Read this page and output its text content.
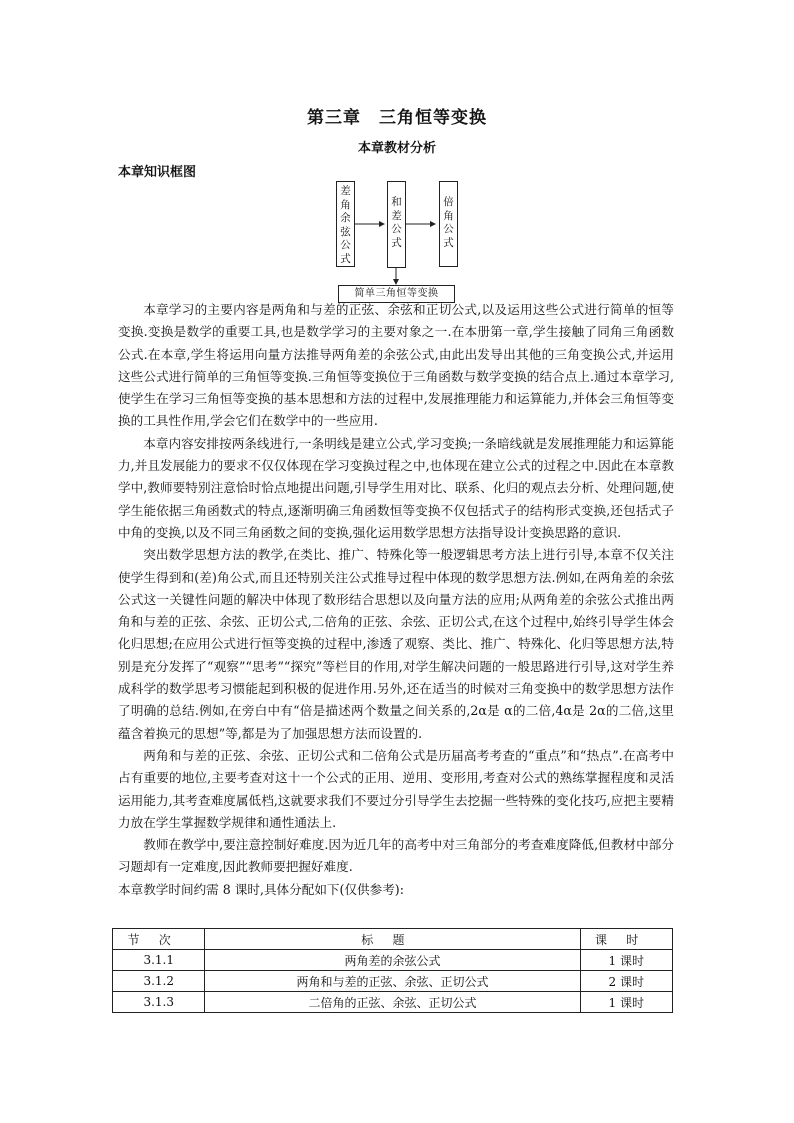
第三章　三角恒等变换
本章教材分析
本章知识框图
差
角
余
弦
公
式
和
差
公
式
倍
角
公
式
简单三角恒等变换

本章学习的主要内容是两角和与差的正弦、余弦和正切公式,以及运用这些公式进行简单的恒等变换.变换是数学的重要工具,也是数学学习的主要对象之一.在本册第一章,学生接触了同角三角函数公式.在本章,学生将运用向量方法推导两角差的余弦公式,由此出发导出其他的三角变换公式,并运用这些公式进行简单的三角恒等变换.三角恒等变换位于三角函数与数学变换的结合点上.通过本章学习,使学生在学习三角恒等变换的基本思想和方法的过程中,发展推理能力和运算能力,并体会三角恒等变换的工具性作用,学会它们在数学中的一些应用.

本章内容安排按两条线进行,一条明线是建立公式,学习变换;一条暗线就是发展推理能力和运算能力,并且发展能力的要求不仅仅体现在学习变换过程之中,也体现在建立公式的过程之中.因此在本章教学中,教师要特别注意恰时恰点地提出问题,引导学生用对比、联系、化归的观点去分析、处理问题,使学生能依据三角函数式的特点,逐渐明确三角函数恒等变换不仅包括式子的结构形式变换,还包括式子中角的变换,以及不同三角函数之间的变换,强化运用数学思想方法指导设计变换思路的意识.

突出数学思想方法的教学,在类比、推广、特殊化等一般逻辑思考方法上进行引导,本章不仅关注使学生得到和(差)角公式,而且还特别关注公式推导过程中体现的数学思想方法.例如,在两角差的余弦公式这一关键性问题的解决中体现了数形结合思想以及向量方法的应用;从两角差的余弦公式推出两角和与差的正弦、余弦、正切公式,二倍角的正弦、余弦、正切公式,在这个过程中,始终引导学生体会化归思想;在应用公式进行恒等变换的过程中,渗透了观察、类比、推广、特殊化、化归等思想方法,特别是充分发挥了“观察”“思考”“探究”等栏目的作用,对学生解决问题的一般思路进行引导,这对学生养成科学的数学思考习惯能起到积极的促进作用.另外,还在适当的时候对三角变换中的数学思想方法作了明确的总结.例如,在旁白中有“倍是描述两个数量之间关系的,2α是 α的二倍,4α是 2α的二倍,这里蕴含着换元的思想”等,都是为了加强思想方法而设置的.

两角和与差的正弦、余弦、正切公式和二倍角公式是历届高考考查的“重点”和“热点”.在高考中占有重要的地位,主要考查对这十一个公式的正用、逆用、变形用,考查对公式的熟练掌握程度和灵活运用能力,其考查难度属低档,这就要求我们不要过分引导学生去挖掘一些特殊的变化技巧,应把主要精力放在学生掌握数学规律和通性通法上.

教师在教学中,要注意控制好难度.因为近几年的高考中对三角部分的考查难度降低,但教材中部分习题却有一定难度,因此教师要把握好难度.

本章教学时间约需 8 课时,具体分配如下(仅供参考):

节次	标题	课时
3.1.1	两角差的余弦公式	1 课时
3.1.2	两角和与差的正弦、余弦、正切公式	2 课时
3.1.3	二倍角的正弦、余弦、正切公式	1 课时
